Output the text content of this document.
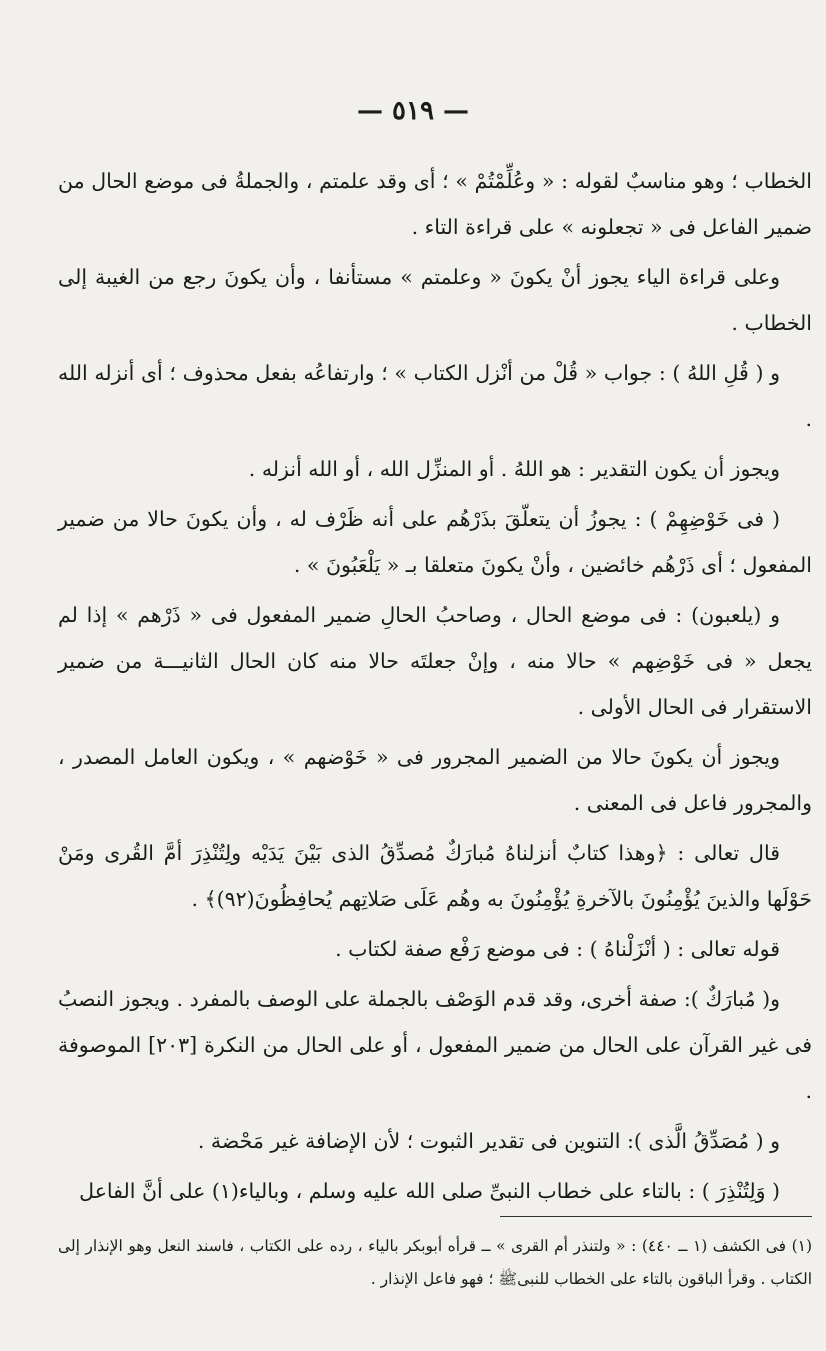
— ٥١٩ —

الخطاب ؛ وهو مناسبٌ لقوله : « وعُلِّمْتُمْ » ؛ أى وقد علمتم ، والجملةُ فى موضع الحال من ضمير الفاعل فى « تجعلونه » على قراءة التاء .

وعلى قراءة الياء يجوز أنْ يكونَ « وعلمتم » مستأنفا ، وأن يكونَ رجع من الغيبة إلى الخطاب .

و ( قُلِ اللهُ ) : جواب « قُلْ من أنْزل الكتاب » ؛ وارتفاعُه بفعل محذوف ؛ أى أنزله الله .

ويجوز أن يكون التقدير : هو اللهُ . أو المنزِّل الله ، أو الله أنزله .

( فى خَوْضِهِمْ ) : يجوزُ أن يتعلّقَ بذَرْهُم على أنه ظَرْف له ، وأن يكونَ حالا من ضمير المفعول ؛ أى ذَرْهُم خائضين ، وأنْ يكونَ متعلقا بـ « يَلْعَبُونَ » .

و (يلعبون) : فى موضع الحال ، وصاحبُ الحالِ ضمير المفعول فى « ذَرْهم » إذا لم يجعل « فى خَوْضِهم » حالا منه ، وإنْ جعلتَه حالا منه كان الحال الثانيـــة من ضمير الاستقرار فى الحال الأولى .

ويجوز أن يكونَ حالا من الضمير المجرور فى « خَوْضهم » ، ويكون العامل المصدر ، والمجرور فاعل فى المعنى .

قال تعالى : ﴿وهذا كتابٌ أنزلناهُ مُبارَكٌ مُصدِّقُ الذى بَيْنَ يَدَيْه ولِتُنْذِرَ أمَّ القُرى ومَنْ حَوْلَها والذينَ يُؤْمِنُونَ بالآخرةِ يُؤْمِنُونَ به وهُم عَلَى صَلاتِهم يُحافِظُونَ(٩٢)﴾ .

قوله تعالى : ( أنْزَلْناهُ ) : فى موضع رَفْع صفة لكتاب .

و( مُبارَكٌ ): صفة أخرى، وقد قدم الوَصْف بالجملة على الوصف بالمفرد . ويجوز النصبُ فى غير القرآن على الحال من ضمير المفعول ، أو على الحال من النكرة [٢٠٣] الموصوفة .

و ( مُصَدِّقُ الَّذى ): التنوين فى تقدير الثبوت ؛ لأن الإضافة غير مَحْضة .

( وَلِتُنْذِرَ ) : بالتاء على خطاب النبىِّ صلى الله عليه وسلم ، وبالياء(١) على أنَّ الفاعل

(١) فى الكشف (١ ــ ٤٤٠) : « ولتنذر أم القرى » ــ قرأه أبوبكر بالياء ، رده على الكتاب ، فاسند النعل وهو الإنذار إلى الكتاب . وقرأ الباقون بالتاء على الخطاب للنبىﷺ ؛ فهو فاعل الإنذار .
